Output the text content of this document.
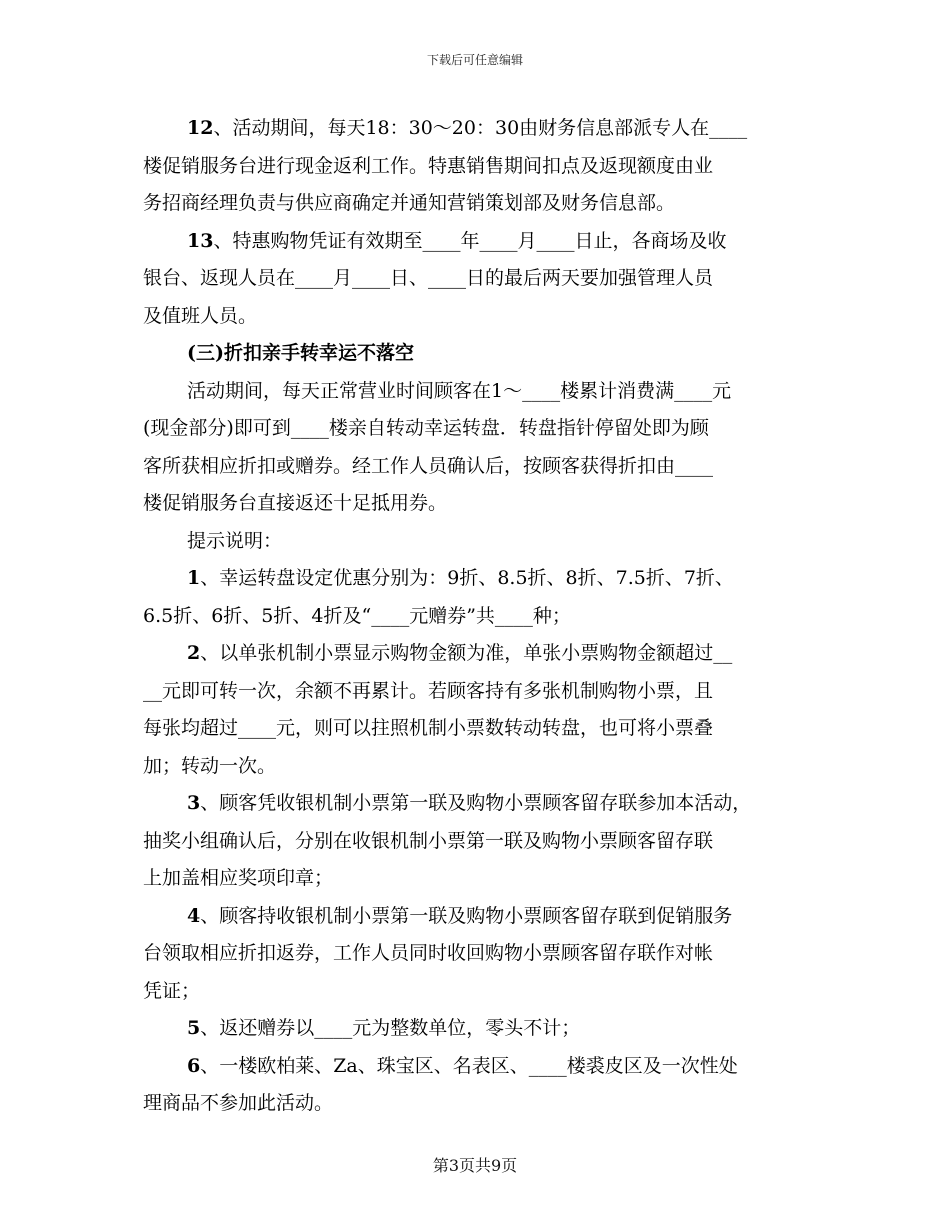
下载后可任意编辑
12、活动期间，每天18：30～20：30由财务信息部派专人在____
楼促销服务台进行现金返利工作。特惠销售期间扣点及返现额度由业
务招商经理负责与供应商确定并通知营销策划部及财务信息部。
13、特惠购物凭证有效期至____年____月____日止，各商场及收
银台、返现人员在____月____日、____日的最后两天要加强管理人员
及值班人员。
(三)折扣亲手转幸运不落空
活动期间，每天正常营业时间顾客在1～____楼累计消费满____元
(现金部分)即可到____楼亲自转动幸运转盘．转盘指针停留处即为顾
客所获相应折扣或赠券。经工作人员确认后，按顾客获得折扣由____
楼促销服务台直接返还十足抵用券。
提示说明：
1、幸运转盘设定优惠分别为：9折、8.5折、8折、7.5折、7折、
6.5折、6折、5折、4折及“____元赠券”共____种；
2、以单张机制小票显示购物金额为准，单张小票购物金额超过__
__元即可转一次，余额不再累计。若顾客持有多张机制购物小票，且
每张均超过____元，则可以拄照机制小票数转动转盘，也可将小票叠
加；转动一次。
3、顾客凭收银机制小票第一联及购物小票顾客留存联参加本活动，
抽奖小组确认后，分别在收银机制小票第一联及购物小票顾客留存联
上加盖相应奖项印章；
4、顾客持收银机制小票第一联及购物小票顾客留存联到促销服务
台领取相应折扣返券，工作人员同时收回购物小票顾客留存联作对帐
凭证；
5、返还赠券以____元为整数单位，零头不计；
6、一楼欧柏莱、Za、珠宝区、名表区、____楼裘皮区及一次性处
理商品不参加此活动。
第3页共9页
